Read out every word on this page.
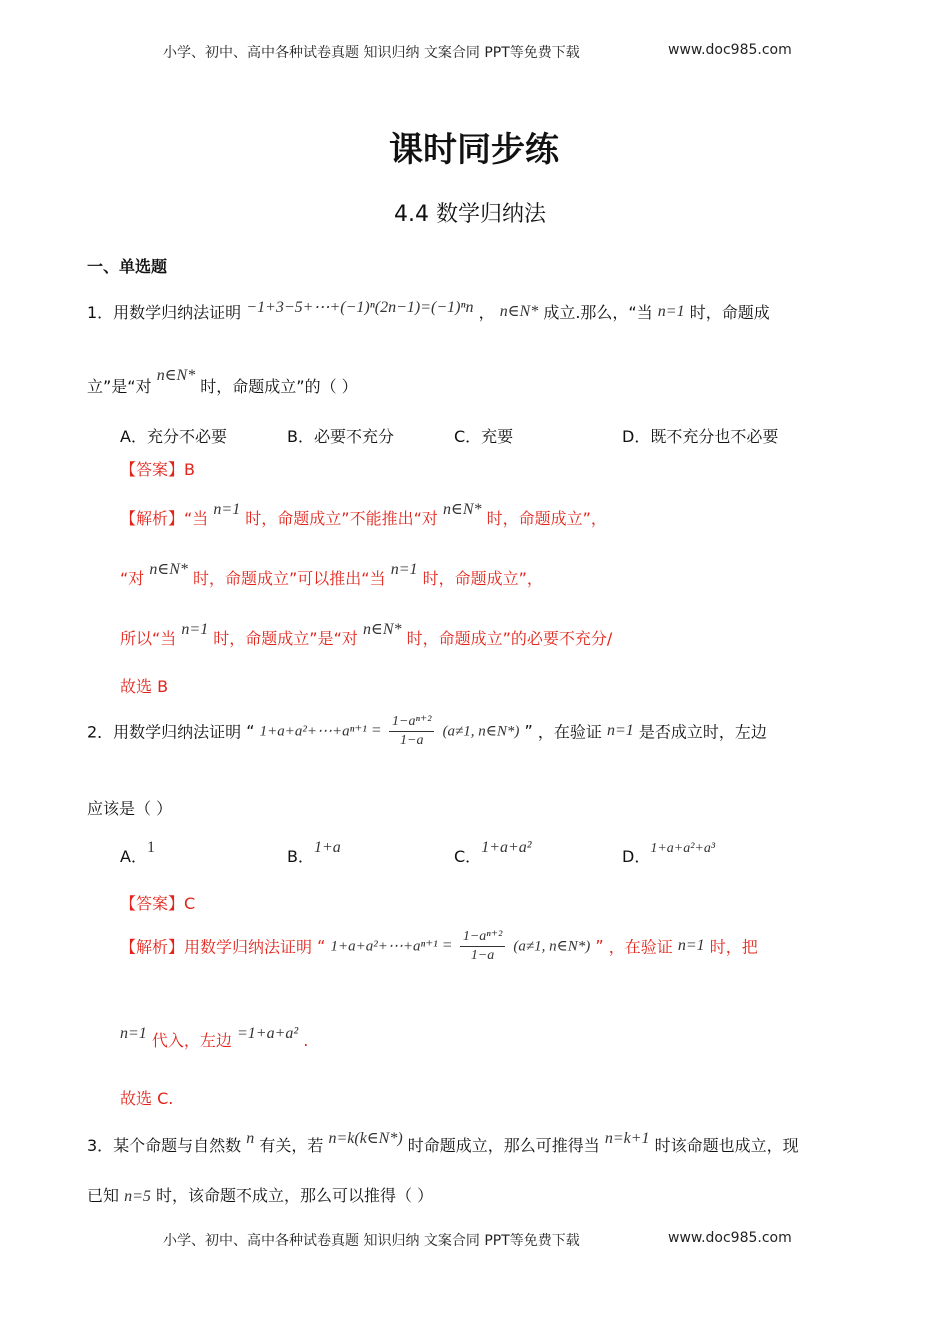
小学、初中、高中各种试卷真题 知识归纳 文案合同 PPT等免费下载	www.doc985.com
课时同步练
4.4 数学归纳法
一、单选题
1．用数学归纳法证明 −1+3−5+⋯+(−1)ⁿ(2n−1)=(−1)ⁿn ， n∈N* 成立.那么，“当 n=1 时，命题成
立”是“对 n∈N* 时，命题成立”的（ ）
A．充分不必要	B．必要不充分	C．充要	D．既不充分也不必要
【答案】B
【解析】“当 n=1 时，命题成立”不能推出“对 n∈N* 时，命题成立”，
“对 n∈N* 时，命题成立”可以推出“当 n=1 时，命题成立”，
所以“当 n=1 时，命题成立”是“对 n∈N* 时，命题成立”的必要不充分/
故选 B
2．用数学归纳法证明 “ 1+a+a²+⋯+aⁿ⁺¹ = $\frac{\text{1−aⁿ⁺²}}{1-a} (a\ne 1$, n∈N*) ” ，在验证 n=1 是否成立时，左边
应该是（ ）
A．1	B．1+a	C．1+a+a²	D．1+a+a²+a³
【答案】C
【解析】用数学归纳法证明 “ 1+a+a²+⋯+aⁿ⁺¹ = $\frac{\text{1−aⁿ⁺²}}{1-a} (a\ne 1$, n∈N*) ” ，在验证 n=1 时，把
n=1 代入，左边 =1+a+a² .
故选 C.
3．某个命题与自然数 n 有关，若 n=k(k∈N*) 时命题成立，那么可推得当 n=k+1 时该命题也成立，现
已知 n=5 时，该命题不成立，那么可以推得（ ）
小学、初中、高中各种试卷真题 知识归纳 文案合同 PPT等免费下载	www.doc985.com
